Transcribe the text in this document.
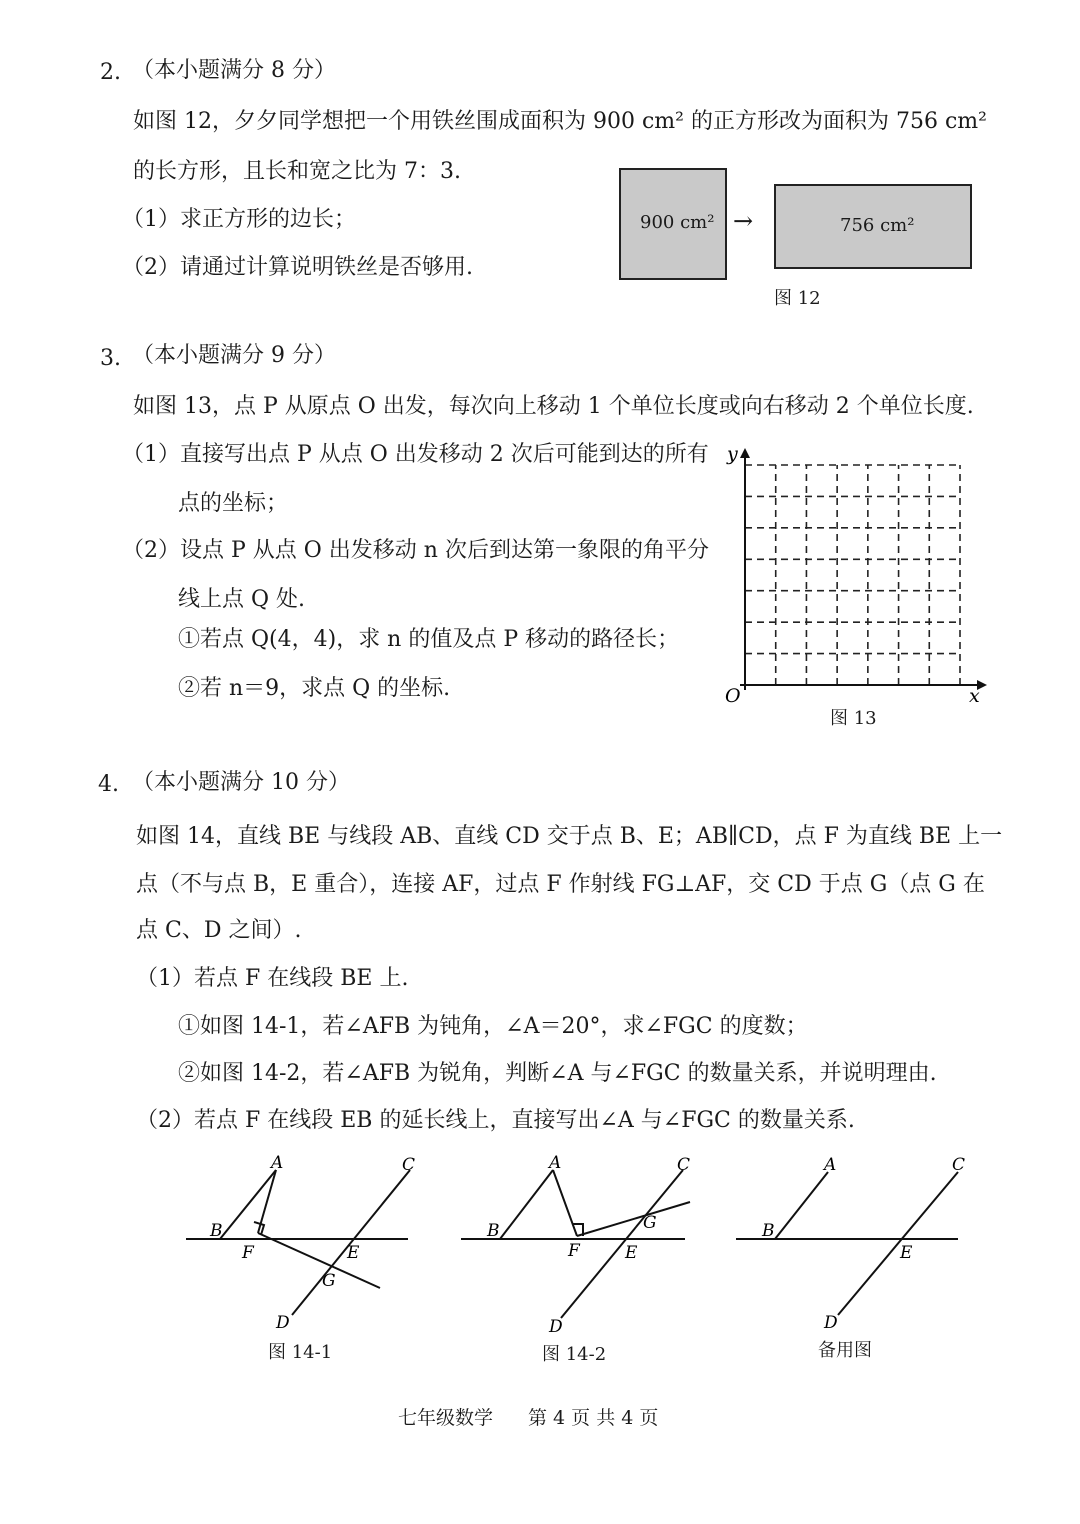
2. （本小题满分 8 分）
如图 12，夕夕同学想把一个用铁丝围成面积为 900 cm² 的正方形改为面积为 756 cm²
的长方形，且长和宽之比为 7：3.
（1）求正方形的边长；
（2）请通过计算说明铁丝是否够用.
900 cm² →	756 cm²
图 12
3. （本小题满分 9 分）
如图 13，点 P 从原点 O 出发，每次向上移动 1 个单位长度或向右移动 2 个单位长度.
（1）直接写出点 P 从点 O 出发移动 2 次后可能到达的所有
点的坐标；
（2）设点 P 从点 O 出发移动 n 次后到达第一象限的角平分
线上点 Q 处.
①若点 Q(4，4)，求 n 的值及点 P 移动的路径长；
②若 n＝9，求点 Q 的坐标.
y
x
O
图 13
4. （本小题满分 10 分）
如图 14，直线 BE 与线段 AB、直线 CD 交于点 B、E；AB∥CD，点 F 为直线 BE 上一
点（不与点 B，E 重合），连接 AF，过点 F 作射线 FG⊥AF，交 CD 于点 G（点 G 在
点 C、D 之间）.
（1）若点 F 在线段 BE 上.
①如图 14-1，若∠AFB 为钝角，∠A＝20°，求∠FGC 的度数；
②如图 14-2，若∠AFB 为锐角，判断∠A 与∠FGC 的数量关系，并说明理由.
（2）若点 F 在线段 EB 的延长线上，直接写出∠A 与∠FGC 的数量关系.
A
B
F	E
C
G
D
图 14-1
A
B
F	E
C
G
D
图 14-2
A
B
E
C
D
备用图
七年级数学 第 4 页 共 4 页
